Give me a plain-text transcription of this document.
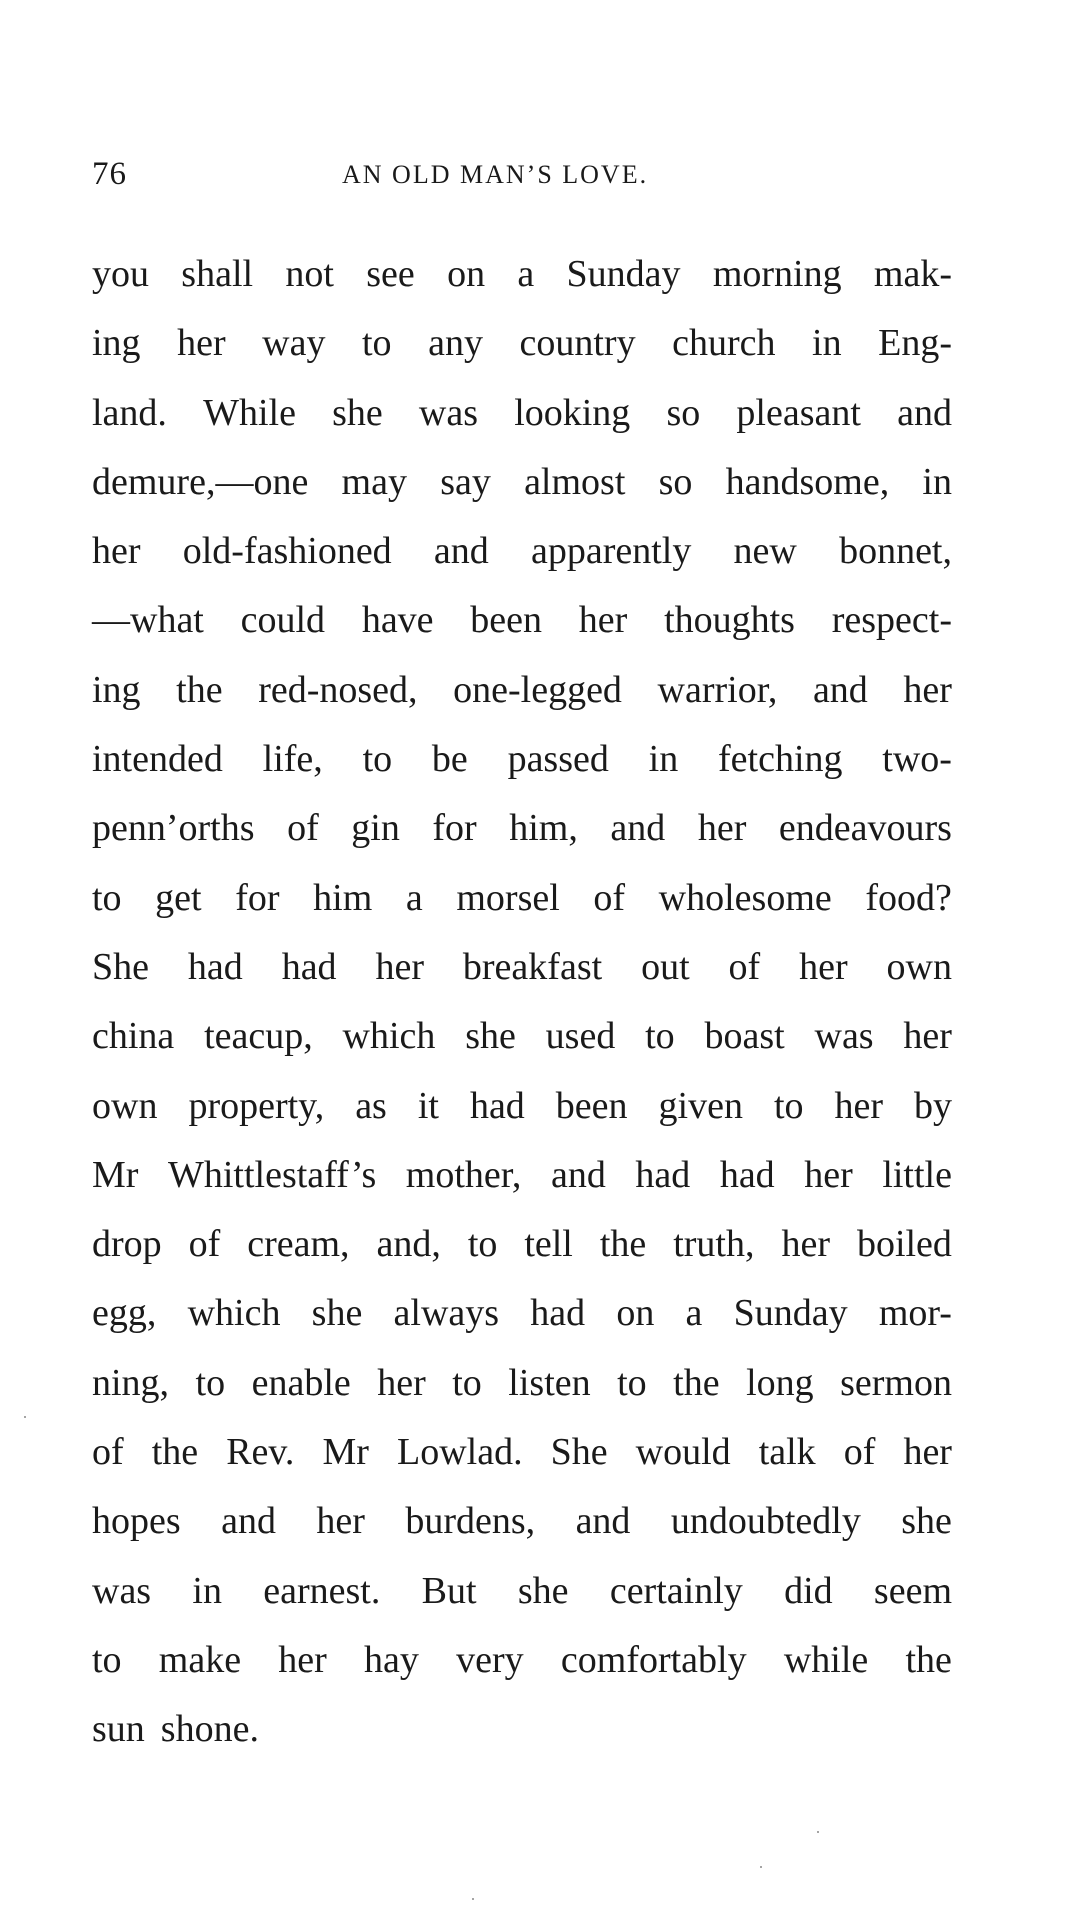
76	AN OLD MAN’S LOVE.
you shall not see on a Sunday morning mak-
ing her way to any country church in Eng-
land. While she was looking so pleasant and
demure,—one may say almost so handsome, in
her old-fashioned and apparently new bonnet,
—what could have been her thoughts respect-
ing the red-nosed, one-legged warrior, and her
intended life, to be passed in fetching two-
penn’orths of gin for him, and her endeavours
to get for him a morsel of wholesome food?
She had had her breakfast out of her own
china teacup, which she used to boast was her
own property, as it had been given to her by
Mr Whittlestaff’s mother, and had had her little
drop of cream, and, to tell the truth, her boiled
egg, which she always had on a Sunday mor-
ning, to enable her to listen to the long sermon
of the Rev. Mr Lowlad. She would talk of her
hopes and her burdens, and undoubtedly she
was in earnest. But she certainly did seem
to make her hay very comfortably while the
sun shone.
